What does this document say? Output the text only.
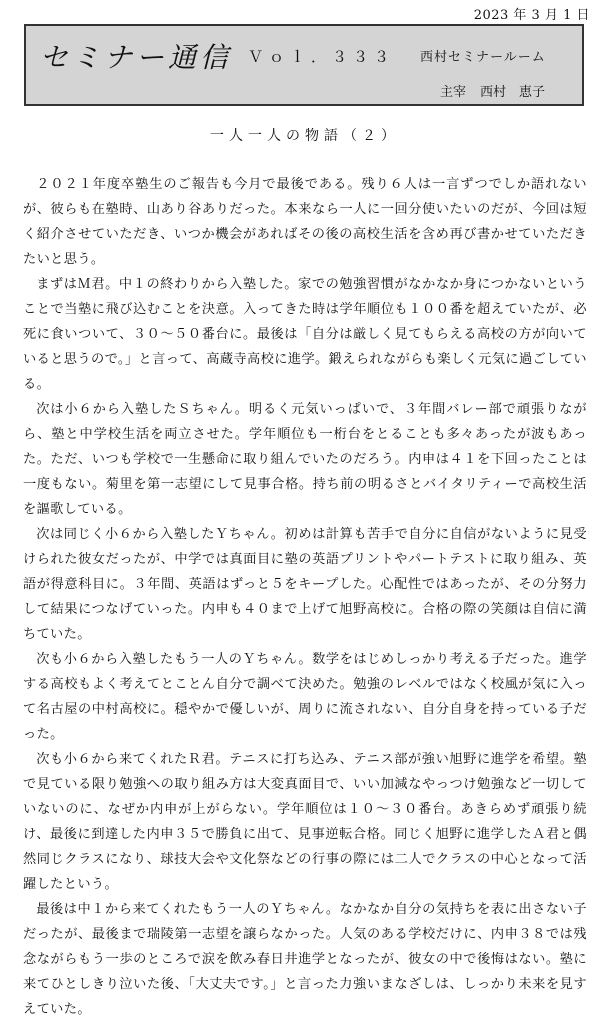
2023 年 3 月 1 日
セミナー通信 Ｖｏｌ．３３３ 西村セミナールーム
主宰 西村　恵子
一人一人の物語（２）

２０２１年度卒塾生のご報告も今月で最後である。残り６人は一言ずつでしか語れないが、彼らも在塾時、山あり谷ありだった。本来なら一人に一回分使いたいのだが、今回は短く紹介させていただき、いつか機会があればその後の高校生活を含め再び書かせていただきたいと思う。

まずはＭ君。中１の終わりから入塾した。家での勉強習慣がなかなか身につかないということで当塾に飛び込むことを決意。入ってきた時は学年順位も１００番を超えていたが、必死に食いついて、３０～５０番台に。最後は「自分は厳しく見てもらえる高校の方が向いていると思うので。」と言って、高蔵寺高校に進学。鍛えられながらも楽しく元気に過ごしている。

次は小６から入塾したＳちゃん。明るく元気いっぱいで、３年間バレー部で頑張りながら、塾と中学校生活を両立させた。学年順位も一桁台をとることも多々あったが波もあった。ただ、いつも学校で一生懸命に取り組んでいたのだろう。内申は４１を下回ったことは一度もない。菊里を第一志望にして見事合格。持ち前の明るさとバイタリティーで高校生活を謳歌している。

次は同じく小６から入塾したＹちゃん。初めは計算も苦手で自分に自信がないように見受けられた彼女だったが、中学では真面目に塾の英語プリントやパートテストに取り組み、英語が得意科目に。３年間、英語はずっと５をキープした。心配性ではあったが、その分努力して結果につなげていった。内申も４０まで上げて旭野高校に。合格の際の笑顔は自信に満ちていた。

次も小６から入塾したもう一人のＹちゃん。数学をはじめしっかり考える子だった。進学する高校もよく考えてとことん自分で調べて決めた。勉強のレベルではなく校風が気に入って名古屋の中村高校に。穏やかで優しいが、周りに流されない、自分自身を持っている子だった。

次も小６から来てくれたＲ君。テニスに打ち込み、テニス部が強い旭野に進学を希望。塾で見ている限り勉強への取り組み方は大変真面目で、いい加減なやっつけ勉強など一切していないのに、なぜか内申が上がらない。学年順位は１０～３０番台。あきらめず頑張り続け、最後に到達した内申３５で勝負に出て、見事逆転合格。同じく旭野に進学したＡ君と偶然同じクラスになり、球技大会や文化祭などの行事の際には二人でクラスの中心となって活躍したという。

最後は中１から来てくれたもう一人のＹちゃん。なかなか自分の気持ちを表に出さない子だったが、最後まで瑞陵第一志望を譲らなかった。人気のある学校だけに、内申３８では残念ながらもう一歩のところで涙を飲み春日井進学となったが、彼女の中で後悔はない。塾に来てひとしきり泣いた後、「大丈夫です。」と言った力強いまなざしは、しっかり未来を見すえていた。
